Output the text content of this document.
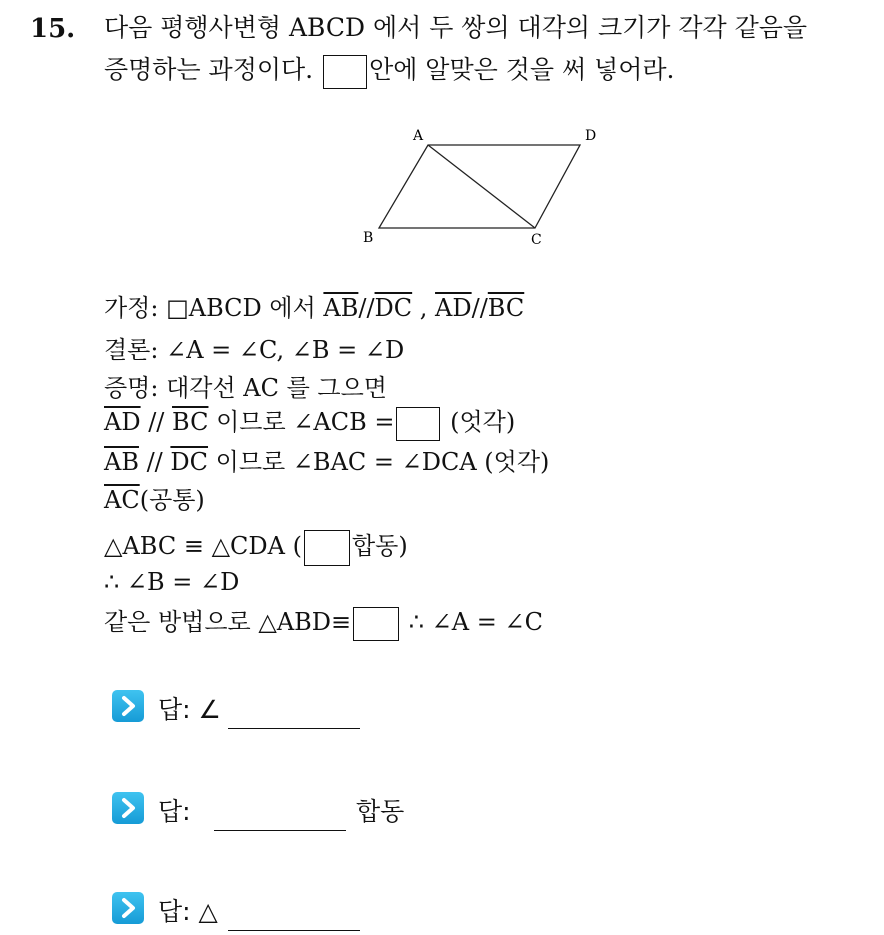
15. 다음 평행사변형 ABCD 에서 두 쌍의 대각의 크기가 각각 같음을
증명하는 과정이다. 안에 알맞은 것을 써 넣어라.
A	D
B	C
가정: □ABCD 에서 $\overline{AB}//\overline{DC}$ , $\overline{AD}//\overline{BC}$
결론: ∠A = ∠C, ∠B = ∠D
증명: 대각선 AC 를 그으면
$\overline{AD} // \overline{BC}$ 이므로 ∠ACB = (엇각)
$\overline{AB} // \overline{DC}$ 이므로 ∠BAC = ∠DCA (엇각)
$\overline{AC}$(공통)
△ABC ≡ △CDA ( 합동)
∴ ∠B = ∠D
같은 방법으로 △ABD≡ ∴ ∠A = ∠C
답: ∠
답:	합동
답: △
